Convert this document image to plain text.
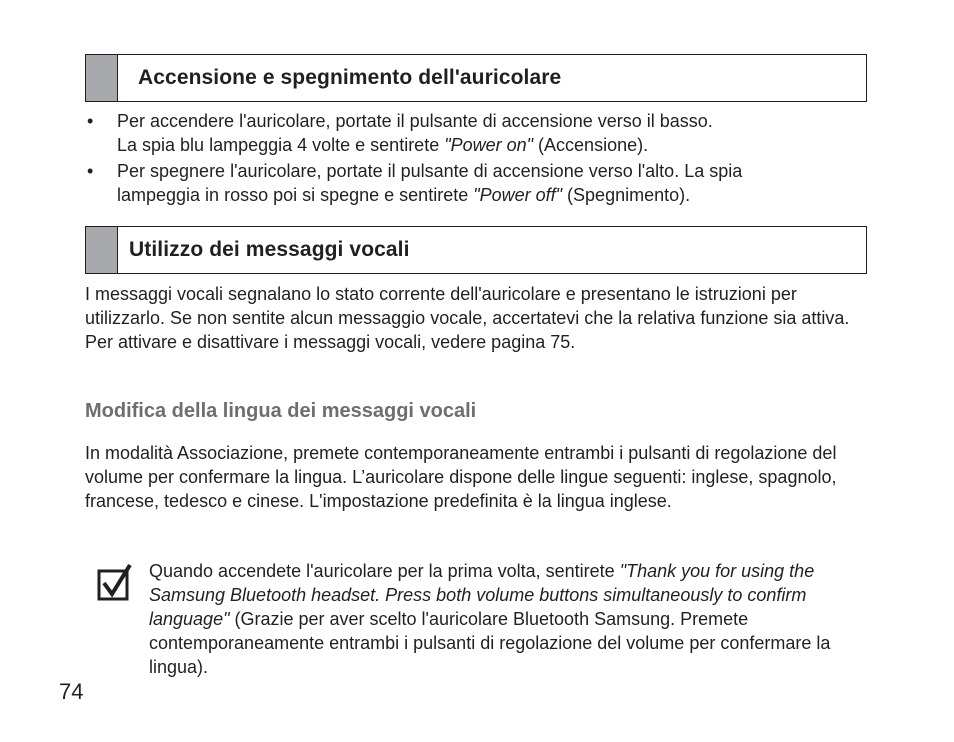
Accensione e spegnimento dell'auricolare
• Per accendere l'auricolare, portate il pulsante di accensione verso il basso.
La spia blu lampeggia 4 volte e sentirete "Power on" (Accensione).
• Per spegnere l'auricolare, portate il pulsante di accensione verso l'alto. La spia
lampeggia in rosso poi si spegne e sentirete "Power off" (Spegnimento).
Utilizzo dei messaggi vocali

I messaggi vocali segnalano lo stato corrente dell'auricolare e presentano le istruzioni per utilizzarlo. Se non sentite alcun messaggio vocale, accertatevi che la relativa funzione sia attiva. Per attivare e disattivare i messaggi vocali, vedere pagina 75.

Modifica della lingua dei messaggi vocali

In modalità Associazione, premete contemporaneamente entrambi i pulsanti di regolazione del volume per confermare la lingua. L’auricolare dispone delle lingue seguenti: inglese, spagnolo, francese, tedesco e cinese. L'impostazione predefinita è la lingua inglese.

Quando accendete l'auricolare per la prima volta, sentirete "Thank you for using the Samsung Bluetooth headset. Press both volume buttons simultaneously to confirm language" (Grazie per aver scelto l'auricolare Bluetooth Samsung. Premete contemporaneamente entrambi i pulsanti di regolazione del volume per confermare la lingua).

74
